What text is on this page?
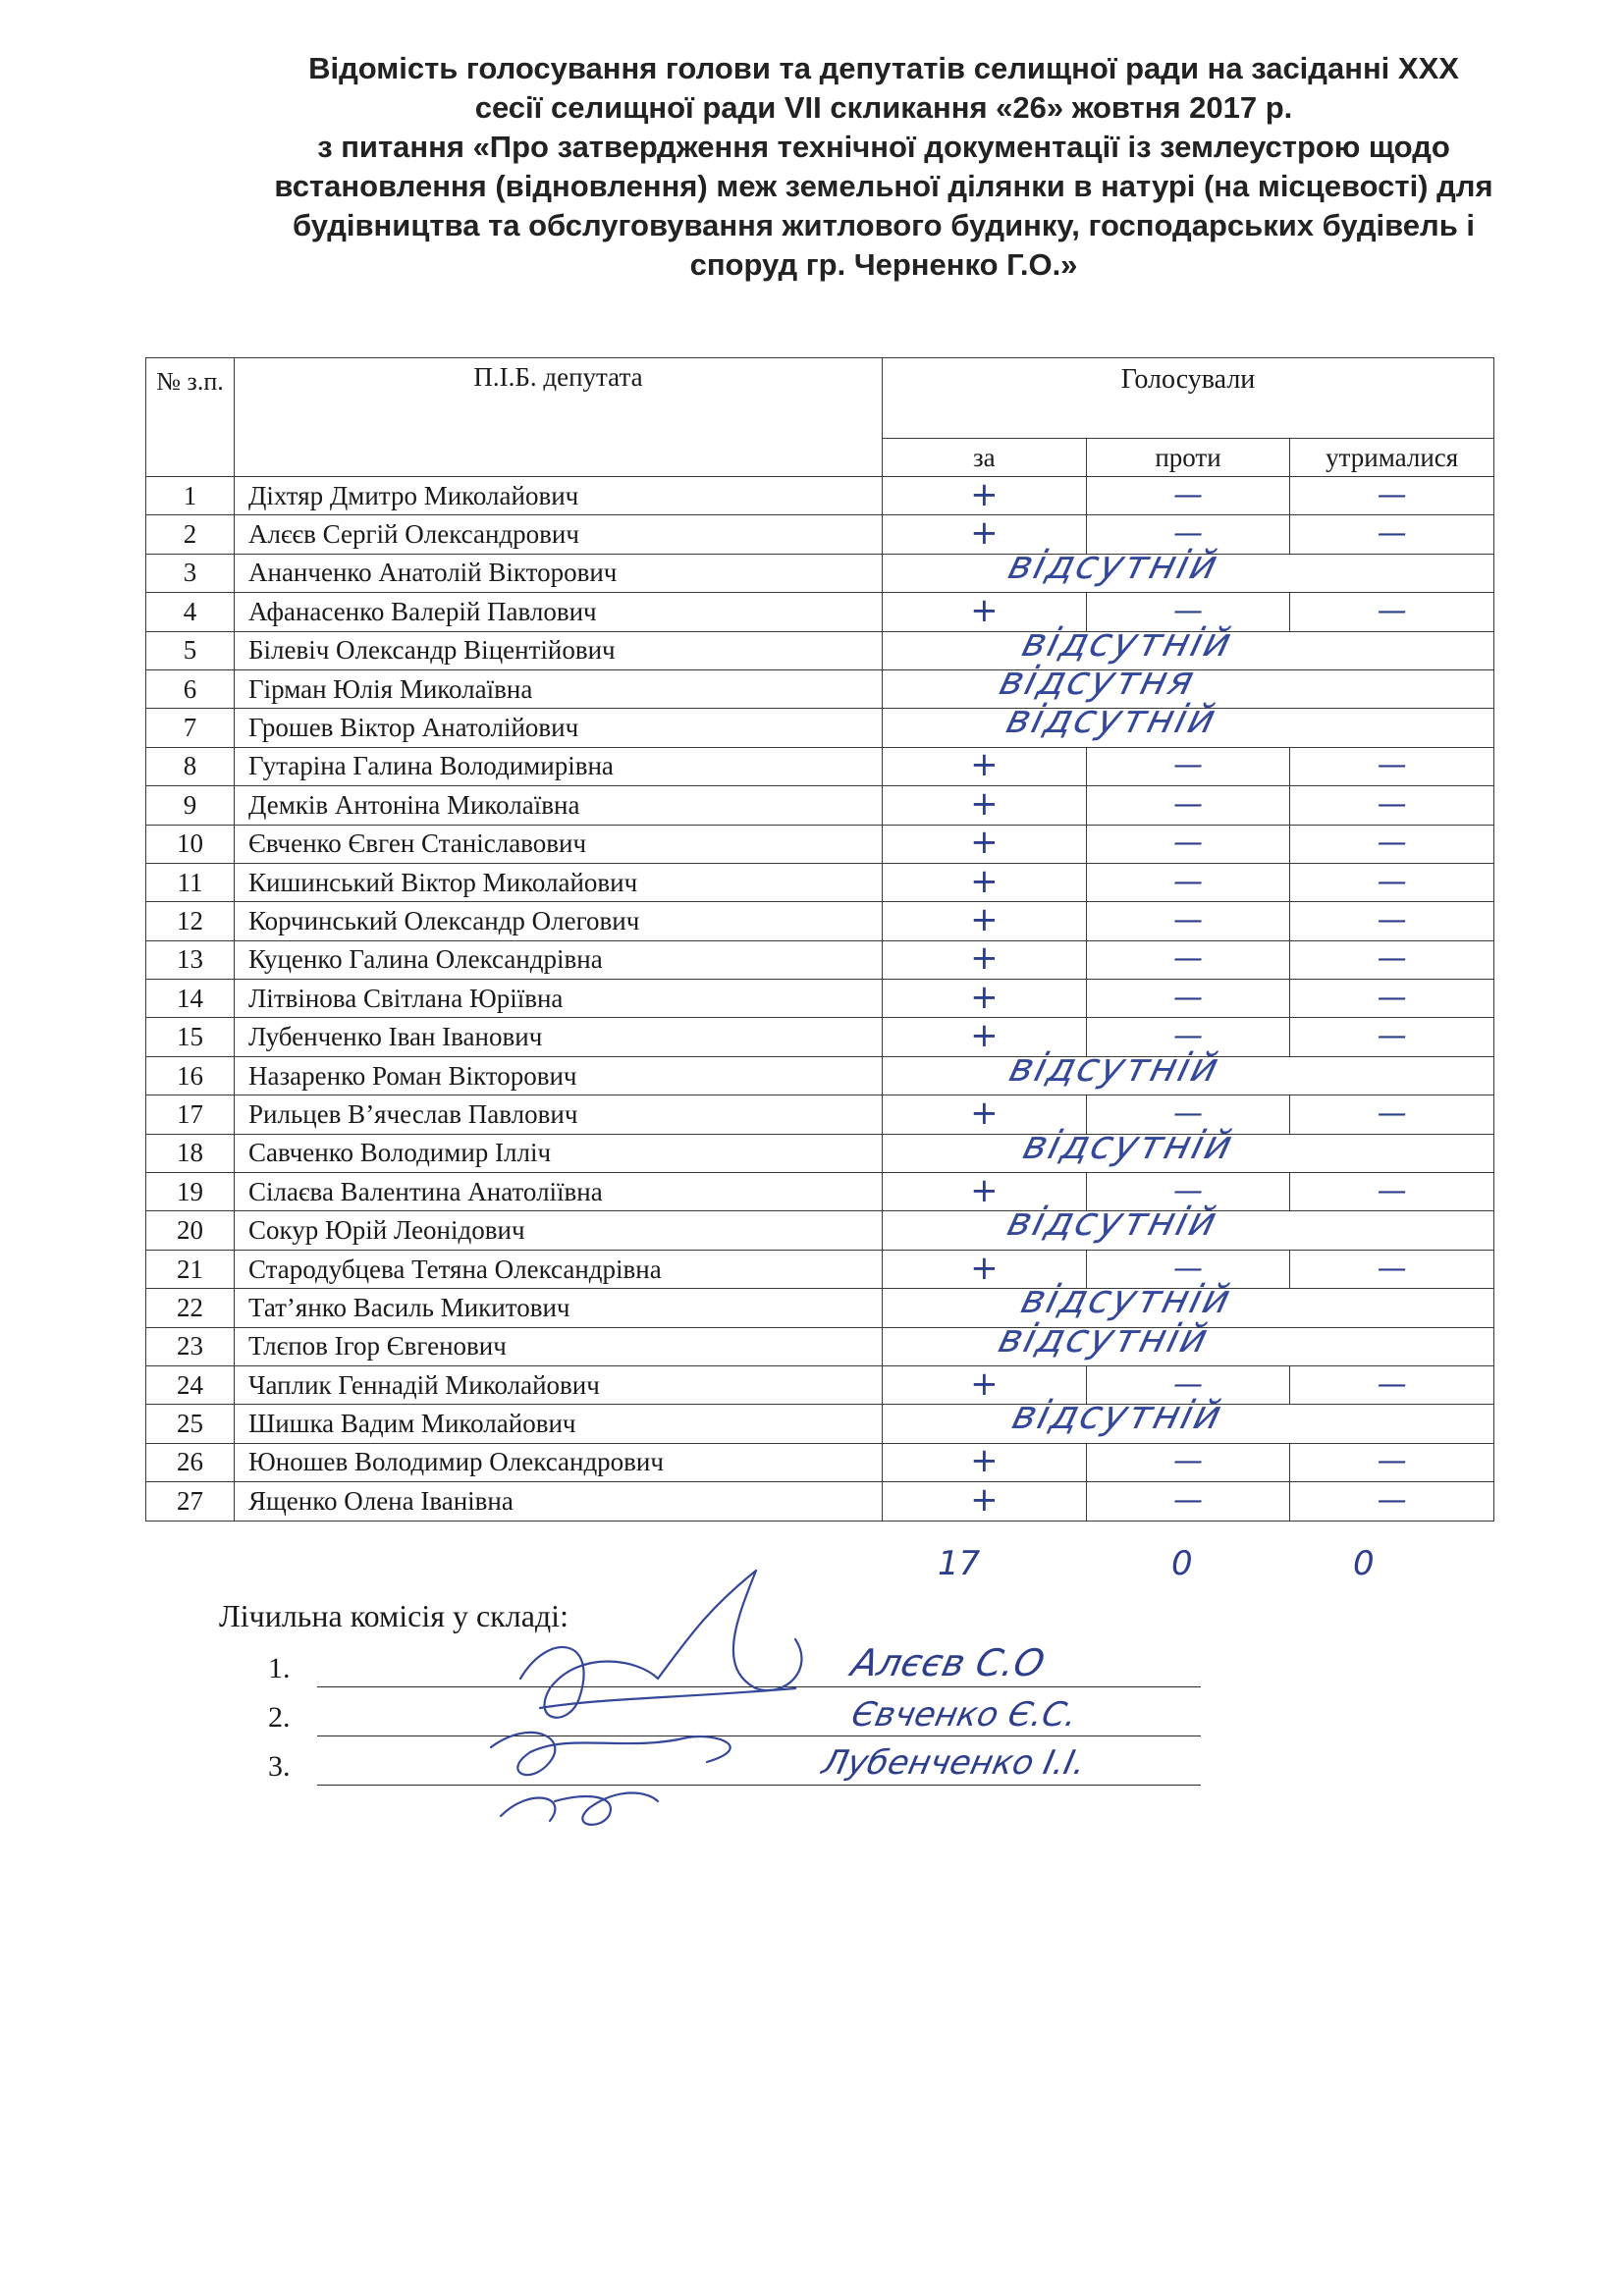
Відомість голосування голови та депутатів селищної ради на засіданні XXX
сесії селищної ради VII скликання «26» жовтня 2017 р.
з питання «Про затвердження технічної документації із землеустрою щодо
встановлення (відновлення) меж земельної ділянки в натурі (на місцевості) для
будівництва та обслуговування житлового будинку, господарських будівель і
споруд гр. Черненко Г.О.»
№ з.п.	П.І.Б. депутата	Голосували		
		за	проти	утрималися
1	Діхтяр Дмитро Миколайович	+	—	—
2	Алєєв Сергій Олександрович	+	—	—
3	Ананченко Анатолій Вікторович	відсутній		

4	Афанасенко Валерій Павлович	+	—	—
5	Білевіч Олександр Віцентійович	відсутній		

6	Гірман Юлія Миколаївна	відсутня		

7	Грошев Віктор Анатолійович	відсутній		

8	Гутаріна Галина Володимирівна	+	—	—
9	Демків Антоніна Миколаївна	+	—	—
10	Євченко Євген Станіславович	+	—	—
11	Кишинський Віктор Миколайович	+	—	—
12	Корчинський Олександр Олегович	+	—	—
13	Куценко Галина Олександрівна	+	—	—
14	Літвінова Світлана Юріївна	+	—	—
15	Лубенченко Іван Іванович	+	—	—
16	Назаренко Роман Вікторович	відсутній		

17	Рильцев В’ячеслав Павлович	+	—	—
18	Савченко Володимир Ілліч	відсутній		

19	Сілаєва Валентина Анатоліївна	+	—	—
20	Сокур Юрій Леонідович	відсутній		

21	Стародубцева Тетяна Олександрівна	+	—	—
22	Тат’янко Василь Микитович	відсутній		

23	Тлєпов Ігор Євгенович	відсутній		

24	Чаплик Геннадій Миколайович	+	—	—
25	Шишка Вадим Миколайович	відсутній		

26	Юношев Володимир Олександрович	+	—	—
27	Ященко Олена Іванівна	+	—	—
17	0	0
Лічильна комісія у складі:
1.	Алєєв С.О
2.	Євченко Є.С.
3.	Лубенченко І.І.
